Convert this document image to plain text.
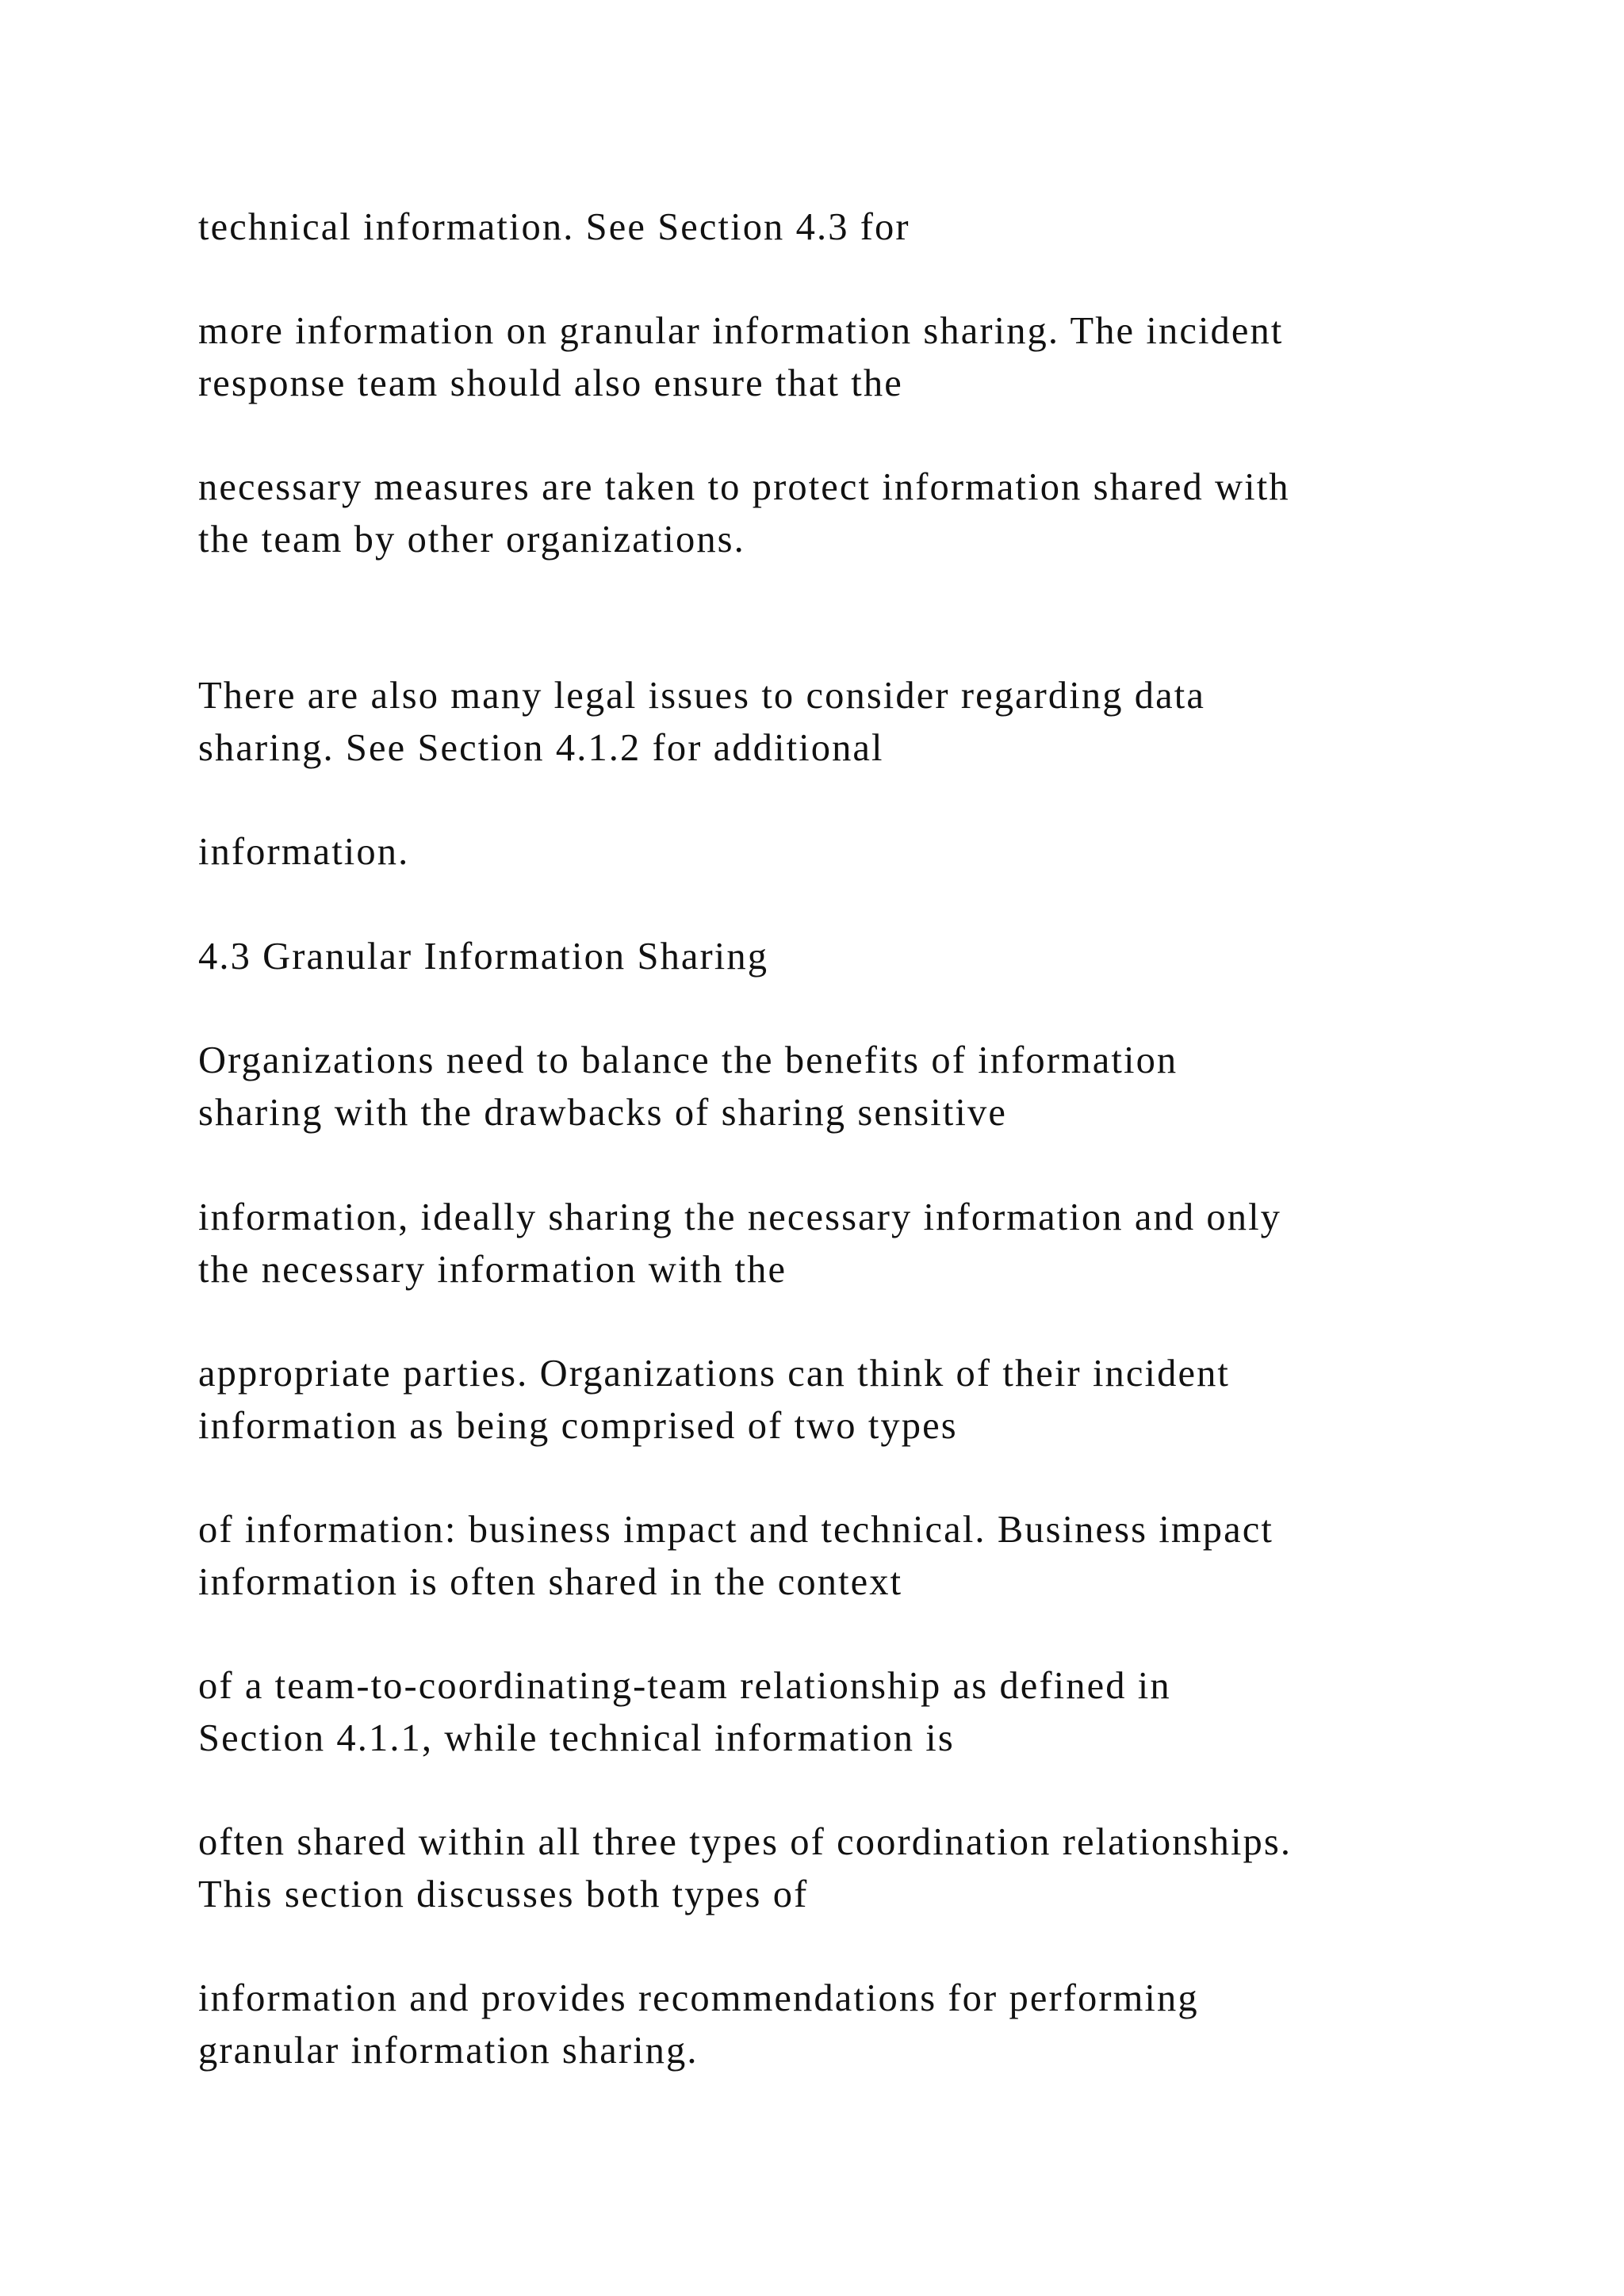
technical information. See Section 4.3 for

more information on granular information sharing. The incident
response team should also ensure that the

necessary measures are taken to protect information shared with
the team by other organizations.

There are also many legal issues to consider regarding data
sharing. See Section 4.1.2 for additional

information.

4.3 Granular Information Sharing

Organizations need to balance the benefits of information
sharing with the drawbacks of sharing sensitive

information, ideally sharing the necessary information and only
the necessary information with the

appropriate parties. Organizations can think of their incident
information as being comprised of two types

of information: business impact and technical. Business impact
information is often shared in the context

of a team-to-coordinating-team relationship as defined in
Section 4.1.1, while technical information is

often shared within all three types of coordination relationships.
This section discusses both types of

information and provides recommendations for performing
granular information sharing.
